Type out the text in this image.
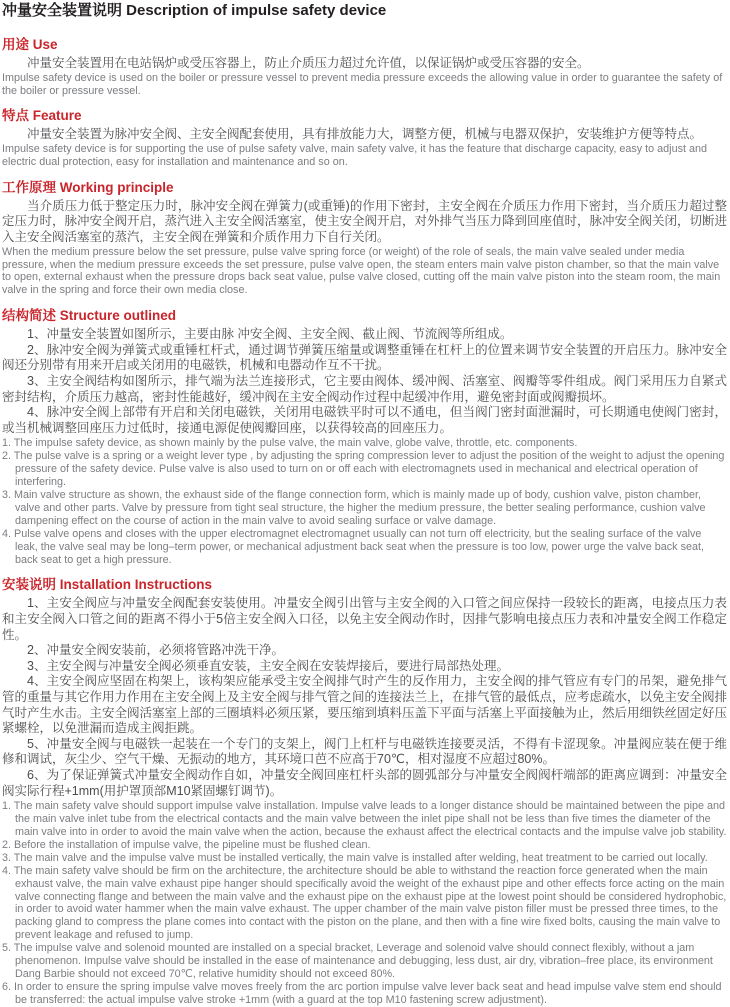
冲量安全装置说明 Description of impulse safety device
用途 Use

冲量安全装置用在电站锅炉或受压容器上，防止介质压力超过允许值，以保证锅炉或受压容器的安全。

Impulse safety device is used on the boiler or pressure vessel to prevent media pressure exceeds the allowing value in order to guarantee the safety of the boiler or pressure vessel.

特点 Feature

冲量安全装置为脉冲安全阀、主安全阀配套使用，具有排放能力大，调整方便，机械与电器双保护，安装维护方便等特点。

Impulse safety device is for supporting the use of pulse safety valve, main safety valve, it has the feature that discharge capacity, easy to adjust and electric dual protection, easy for installation and maintenance and so on.

工作原理 Working principle

当介质压力低于整定压力时，脉冲安全阀在弹簧力(或重锤)的作用下密封，主安全阀在介质压力作用下密封，当介质压力超过整定压力时，脉冲安全阀开启，蒸汽进入主安全阀活塞室，使主安全阀开启，对外排气当压力降到回座值时，脉冲安全阀关闭，切断进入主安全阀活塞室的蒸汽，主安全阀在弹簧和介质作用力下自行关闭。

When the medium pressure below the set pressure, pulse valve spring force (or weight) of the role of seals, the main valve sealed under media pressure, when the medium pressure exceeds the set pressure, pulse valve open, the steam enters main valve piston chamber, so that the main valve to open, external exhaust when the pressure drops back seat value, pulse valve closed, cutting off the main valve piston into the steam room, the main valve in the spring and force their own media close.

结构简述 Structure outlined

1、冲量安全装置如图所示，主要由脉 冲安全阀、主安全阀、截止阀、节流阀等所组成。

2、脉冲安全阀为弹簧式或重锤杠杆式，通过调节弹簧压缩量或调整重锤在杠杆上的位置来调节安全装置的开启压力。脉冲安全阀还分别带有用来开启或关闭用的电磁铁，机械和电器动作互不干扰。

3、主安全阀结构如图所示，排气端为法兰连接形式，它主要由阀体、缓冲阀、活塞室、阀瓣等零件组成。阀门采用压力自紧式密封结构，介质压力越高，密封性能越好，缓冲阀在主安全阀动作过程中起缓冲作用，避免密封面或阀瓣损坏。

4、脉冲安全阀上部带有开启和关闭电磁铁，关闭用电磁铁平时可以不通电，但当阀门密封面泄漏时，可长期通电使阀门密封，或当机械调整回座压力过低时，接通电源促使阀瓣回座，以获得较高的回座压力。

1. The impulse safety device, as shown mainly by the pulse valve, the main valve, globe valve, throttle, etc. components.

2. The pulse valve is a spring or a weight lever type , by adjusting the spring compression lever to adjust the position of the weight to adjust the opening pressure of the safety device. Pulse valve is also used to turn on or off each with electromagnets used in mechanical and electrical operation of interfering.

3. Main valve structure as shown, the exhaust side of the flange connection form, which is mainly made up of body, cushion valve, piston chamber, valve and other parts. Valve by pressure from tight seal structure, the higher the medium pressure, the better sealing performance, cushion valve dampening effect on the course of action in the main valve to avoid sealing surface or valve damage.

4. Pulse valve opens and closes with the upper electromagnet electromagnet usually can not turn off electricity, but the sealing surface of the valve leak, the valve seal may be long–term power, or mechanical adjustment back seat when the pressure is too low, power urge the valve back seat, back seat to get a high pressure.

安装说明 Installation Instructions

1、主安全阀应与冲量安全阀配套安装使用。冲量安全阀引出管与主安全阀的入口管之间应保持一段较长的距离，电接点压力表和主安全阀入口管之间的距离不得小于5倍主安全阀入口径，以免主安全阀动作时，因排气影响电接点压力表和冲量安全阀工作稳定性。

2、冲量安全阀安装前，必须将管路冲洗干净。

3、主安全阀与冲量安全阀必须垂直安装，主安全阀在安装焊接后，要进行局部热处理。

4、主安全阀应坚固在构架上，该构架应能承受主安全阀排气时产生的反作用力，主安全阀的排气管应有专门的吊架，避免排气管的重量与其它作用力作用在主安全阀上及主安全阀与排气管之间的连接法兰上，在排气管的最低点，应考虑疏水，以免主安全阀排气时产生水击。主安全阀活塞室上部的三圈填料必须压紧，要压缩到填料压盖下平面与活塞上平面接触为止，然后用细铁丝固定好压紧螺栓，以免泄漏而造成主阀拒跳。

5、冲量安全阀与电磁铁一起装在一个专门的支架上，阀门上杠杆与电磁铁连接要灵活，不得有卡涩现象。冲量阀应装在便于维修和调试，灰尘少、空气干燥、无振动的地方，其环境口芭不应高于70℃，相对湿度不应超过80%。

6、为了保证弹簧式冲量安全阀动作自如，冲量安全阀回座杠杆头部的圆弧部分与冲量安全阀阀杆端部的距离应调到：冲量安全阀实际行程+1mm(用护罩顶部M10紧固螺钉调节)。

1. The main safety valve should support impulse valve installation. Impulse valve leads to a longer distance should be maintained between the pipe and the main valve inlet tube from the electrical contacts and the main valve between the inlet pipe shall not be less than five times the diameter of the main valve into in order to avoid the main valve when the action, because the exhaust affect the electrical contacts and the impulse valve job stability.

2. Before the installation of impulse valve, the pipeline must be flushed clean.

3. The main valve and the impulse valve must be installed vertically, the main valve is installed after welding, heat treatment to be carried out locally.

4. The main safety valve should be firm on the architecture, the architecture should be able to withstand the reaction force generated when the main exhaust valve, the main valve exhaust pipe hanger should specifically avoid the weight of the exhaust pipe and other effects force acting on the main valve connecting flange and between the main valve and the exhaust pipe on the exhaust pipe at the lowest point should be considered hydrophobic, in order to avoid water hammer when the main valve exhaust. The upper chamber of the main valve piston filler must be pressed three times, to the packing gland to compress the plane comes into contact with the piston on the plane, and then with a fine wire fixed bolts, causing the main valve to prevent leakage and refused to jump.

5. The impulse valve and solenoid mounted are installed on a special bracket, Leverage and solenoid valve should connect flexibly, without a jam phenomenon. Impulse valve should be installed in the ease of maintenance and debugging, less dust, air dry, vibration–free place, its environment Dang Barbie should not exceed 70℃, relative humidity should not exceed 80%.

6. In order to ensure the spring impulse valve moves freely from the arc portion impulse valve lever back seat and head impulse valve stem end should be transferred: the actual impulse valve stroke +1mm (with a guard at the top M10 fastening screw adjustment).
